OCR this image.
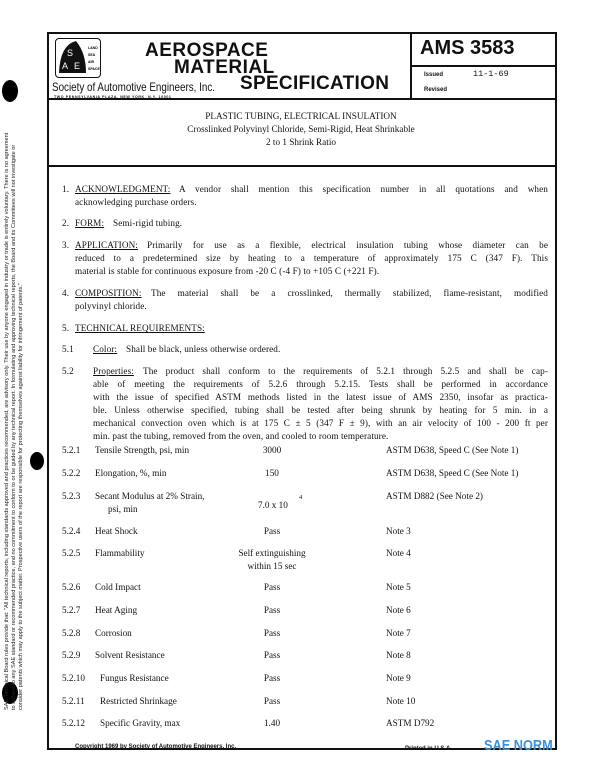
SAE Technical Board rules provide that: "All technical reports, including standards approved and practices recommended, are advisory only. Their use by anyone engaged in industry or trade is entirely voluntary. There is no agreement to adhere to any SAE standard or recommended practice, and no commitment to conform to or be guided by any technical report. In formulating and approving technical reports, the Board and its Committees will not investigate or consider patents which may apply to the subject matter. Prospective users of the report are responsible for protecting themselves against liability for infringement of patents."
S
A E
LAND
SEA
AIR
SPACE
AEROSPACE
MATERIAL
SPECIFICATION
Society of Automotive Engineers, Inc.
TWO PENNSYLVANIA PLAZA, NEW YORK, N.Y. 10001
AMS 3583
Issued	11-1-69
Revised
PLASTIC TUBING, ELECTRICAL INSULATION
Crosslinked Polyvinyl Chloride, Semi-Rigid, Heat Shrinkable
2 to 1 Shrink Ratio
1. ACKNOWLEDGMENT: A vendor shall mention this specification number in all quotations and when
acknowledging purchase orders.
2. FORM: Semi-rigid tubing.
3. APPLICATION: Primarily for use as a flexible, electrical insulation tubing whose diameter can be
reduced to a predetermined size by heating to a temperature of approximately 175 C (347 F). This
material is stable for continuous exposure from -20 C (-4 F) to +105 C (+221 F).
4. COMPOSITION: The material shall be a crosslinked, thermally stabilized, flame-resistant, modified
polyvinyl chloride.
5. TECHNICAL REQUIREMENTS:
5.1 Color: Shall be black, unless otherwise ordered.
5.2 Properties: The product shall conform to the requirements of 5.2.1 through 5.2.5 and shall be cap-
able of meeting the requirements of 5.2.6 through 5.2.15. Tests shall be performed in accordance
with the issue of specified ASTM methods listed in the latest issue of AMS 2350, insofar as practica-
ble. Unless otherwise specified, tubing shall be tested after being shrunk by heating for 5 min. in a
mechanical convection oven which is at 175 C ± 5 (347 F ± 9), with an air velocity of 100 - 200 ft per
min. past the tubing, removed from the oven, and cooled to room temperature.
5.2.1 Tensile Strength, psi, min	3000	ASTM D638, Speed C (See Note 1)
5.2.2 Elongation, %, min	150	ASTM D638, Speed C (See Note 1)
5.2.3 Secant Modulus at 2% Strain,
psi, min	7.0 x 10
4	ASTM D882 (See Note 2)
5.2.4 Heat Shock	Pass	Note 3
5.2.5 Flammability	Self extinguishing
within 15 sec
Note 4
5.2.6 Cold Impact	Pass	Note 5
5.2.7 Heat Aging	Pass	Note 6
5.2.8 Corrosion	Pass	Note 7
5.2.9 Solvent Resistance	Pass	Note 8
5.2.10 Fungus Resistance	Pass	Note 9
5.2.11 Restricted Shrinkage	Pass	Note 10
5.2.12 Specific Gravity, max	1.40	ASTM D792
Copyright 1969 by Society of Automotive Engineers, Inc.	Printed in U.S.A. SAE NORM
